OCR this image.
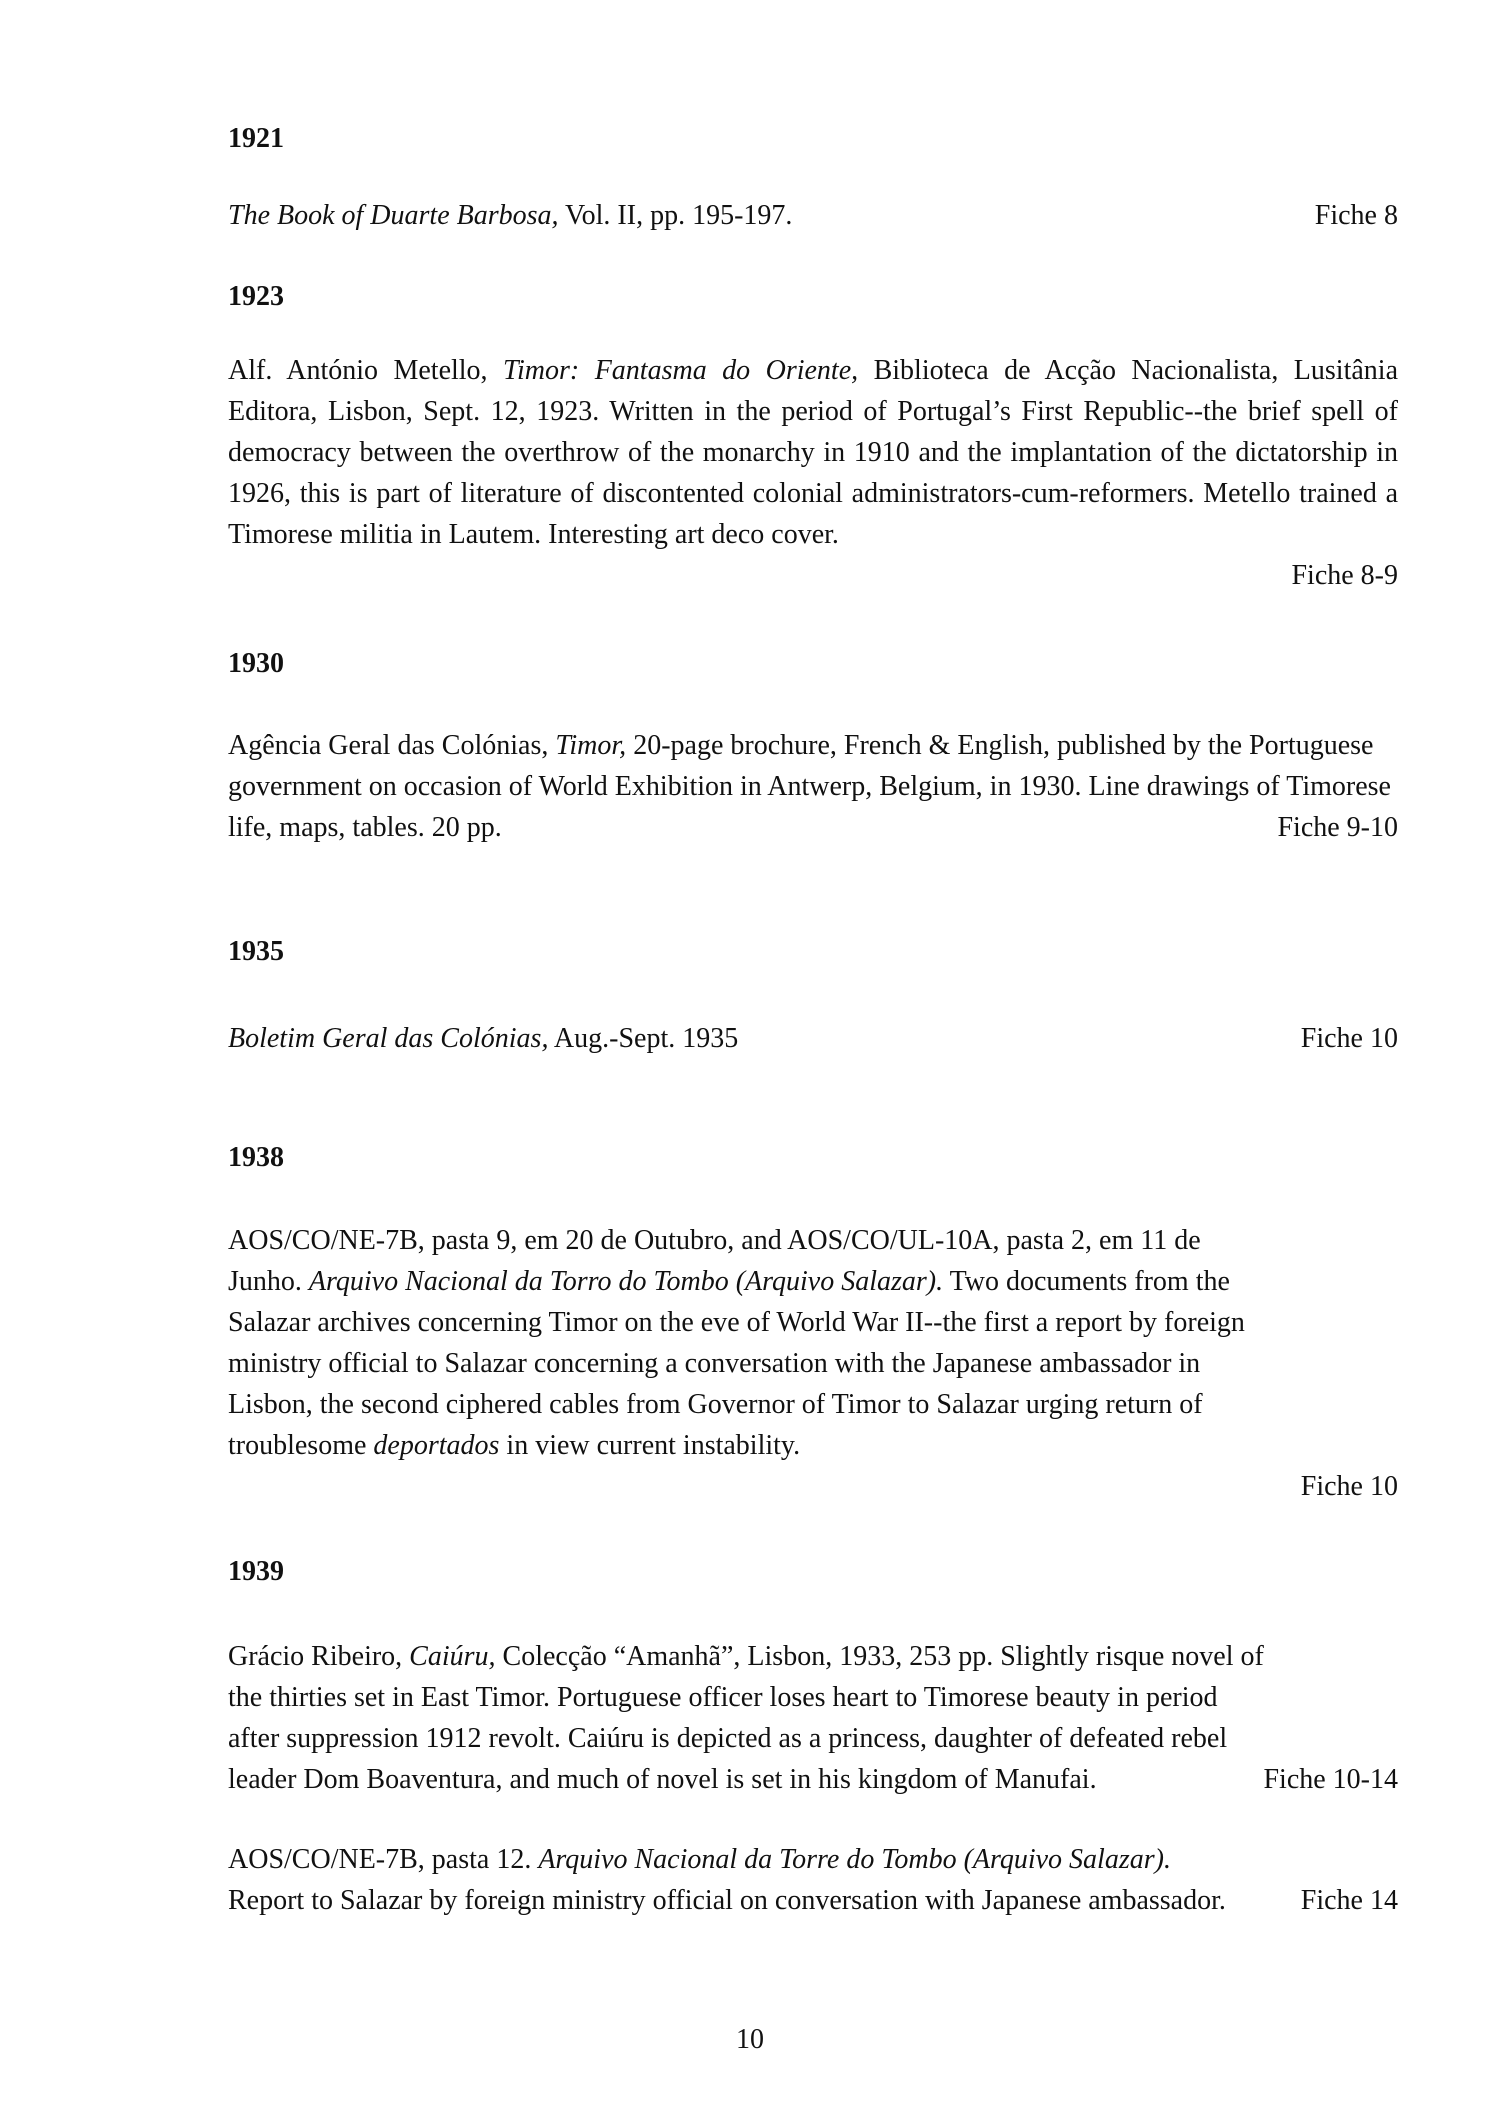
1921
The Book of Duarte Barbosa, Vol. II, pp. 195-197.	Fiche 8
1923

Alf. António Metello, Timor: Fantasma do Oriente, Biblioteca de Acção Nacionalista, Lusitânia Editora, Lisbon, Sept. 12, 1923. Written in the period of Portugal’s First Republic--the brief spell of democracy between the overthrow of the monarchy in 1910 and the implantation of the dictatorship in 1926, this is part of literature of discontented colonial administrators-cum-reformers. Metello trained a Timorese militia in Lautem. Interesting art deco cover.

Fiche 8-9
1930

Agência Geral das Colónias, Timor, 20-page brochure, French & English, published by the Portuguese government on occasion of World Exhibition in Antwerp, Belgium, in 1930. Line drawings of Timorese life, maps, tables. 20 pp.	Fiche 9-10
1935
Boletim Geral das Colónias, Aug.-Sept. 1935	Fiche 10
1938

AOS/CO/NE-7B, pasta 9, em 20 de Outubro, and AOS/CO/UL-10A, pasta 2, em 11 de Junho. Arquivo Nacional da Torro do Tombo (Arquivo Salazar). Two documents from the Salazar archives concerning Timor on the eve of World War II--the first a report by foreign ministry official to Salazar concerning a conversation with the Japanese ambassador in Lisbon, the second ciphered cables from Governor of Timor to Salazar urging return of troublesome deportados in view current instability.

Fiche 10
1939

Grácio Ribeiro, Caiúru, Colecção “Amanhã”, Lisbon, 1933, 253 pp. Slightly risque novel of the thirties set in East Timor. Portuguese officer loses heart to Timorese beauty in period after suppression 1912 revolt. Caiúru is depicted as a princess, daughter of defeated rebel leader Dom Boaventura, and much of novel is set in his kingdom of Manufai.	Fiche 10-14

AOS/CO/NE-7B, pasta 12. Arquivo Nacional da Torre do Tombo (Arquivo Salazar). Report to Salazar by foreign ministry official on conversation with Japanese ambassador.	Fiche 14
10
